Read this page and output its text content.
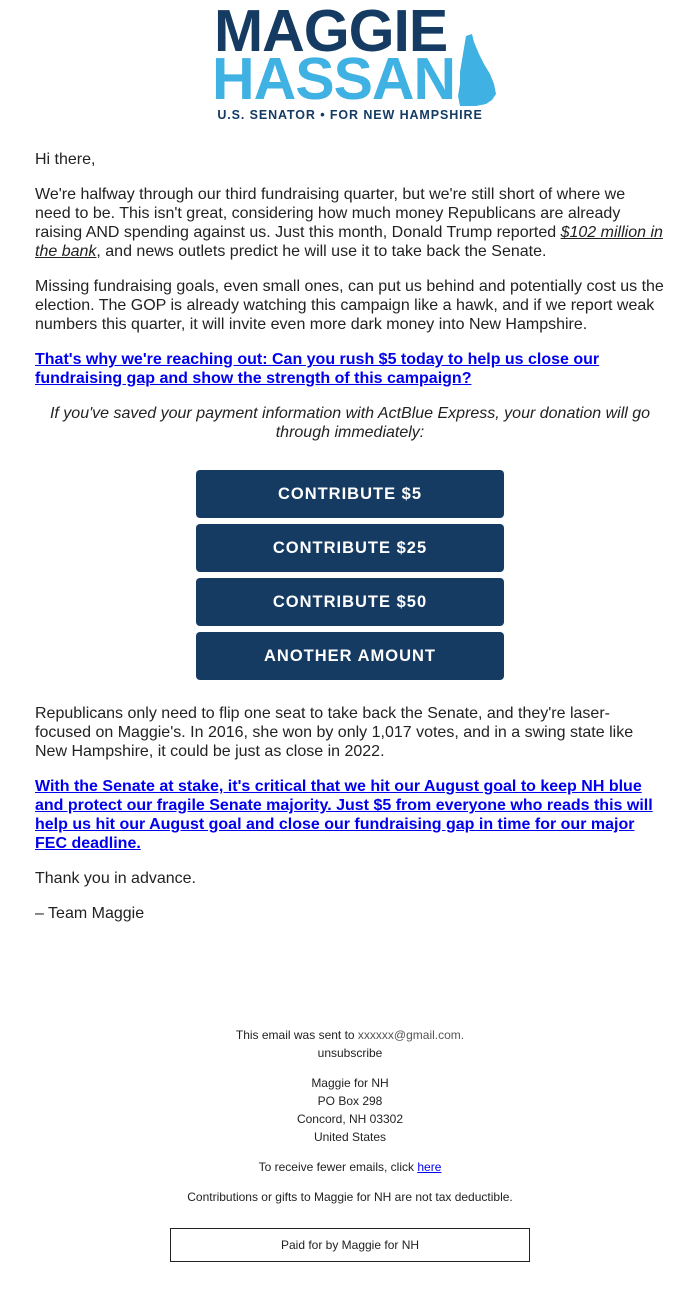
MAGGIE
HASSAN
U.S. SENATOR • FOR NEW HAMPSHIRE

Hi there,

We're halfway through our third fundraising quarter, but we're still short of where we need to be. This isn't great, considering how much money Republicans are already raising AND spending against us. Just this month, Donald Trump reported $102 million in the bank, and news outlets predict he will use it to take back the Senate.

Missing fundraising goals, even small ones, can put us behind and potentially cost us the election. The GOP is already watching this campaign like a hawk, and if we report weak numbers this quarter, it will invite even more dark money into New Hampshire.

That's why we're reaching out: Can you rush $5 today to help us close our fundraising gap and show the strength of this campaign?

If you've saved your payment information with ActBlue Express, your donation will go through immediately:

CONTRIBUTE $5
CONTRIBUTE $25
CONTRIBUTE $50
ANOTHER AMOUNT

Republicans only need to flip one seat to take back the Senate, and they're laser-focused on Maggie's. In 2016, she won by only 1,017 votes, and in a swing state like New Hampshire, it could be just as close in 2022.

With the Senate at stake, it's critical that we hit our August goal to keep NH blue and protect our fragile Senate majority. Just $5 from everyone who reads this will help us hit our August goal and close our fundraising gap in time for our major FEC deadline.

Thank you in advance.

– Team Maggie

This email was sent to xxxxxx@gmail.com.
unsubscribe
Maggie for NH
PO Box 298
Concord, NH 03302
United States
To receive fewer emails, click here
Contributions or gifts to Maggie for NH are not tax deductible.
Paid for by Maggie for NH
